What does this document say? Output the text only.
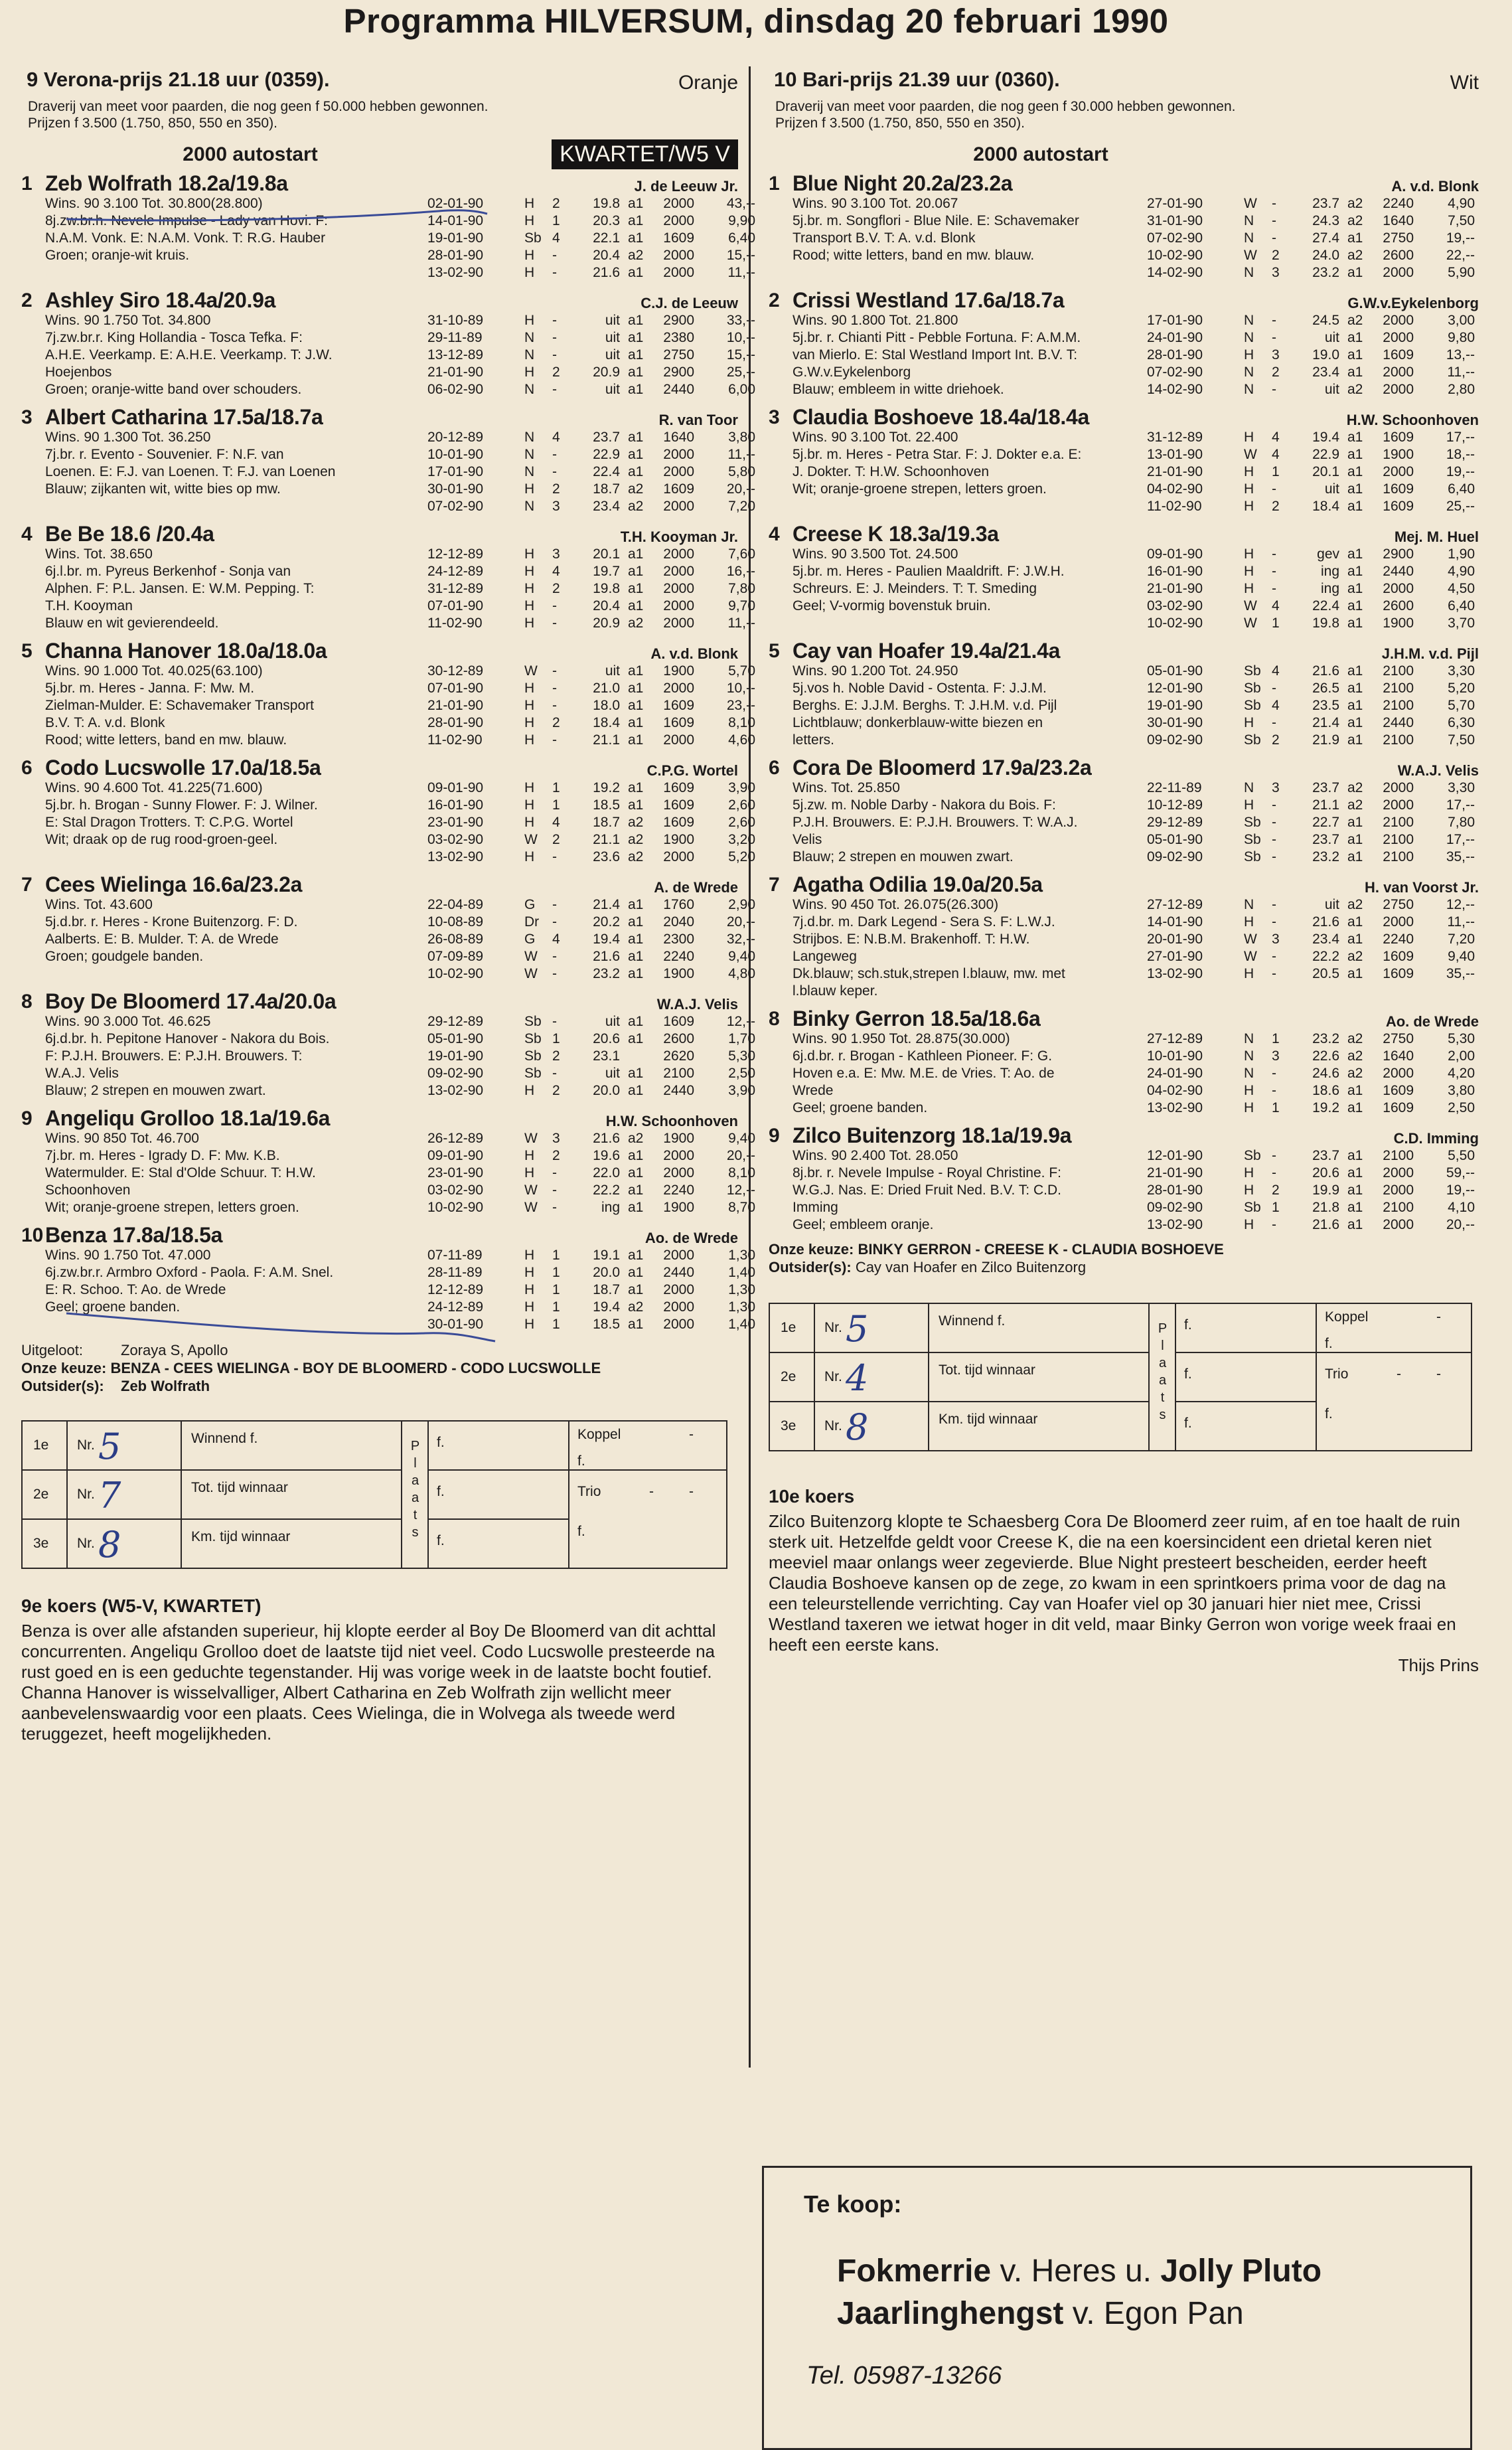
Programma HILVERSUM, dinsdag 20 februari 1990
9 Verona-prijs 21.18 uur (0359).	Oranje
Draverij van meet voor paarden, die nog geen f 50.000 hebben gewonnen.
Prijzen f 3.500 (1.750, 850, 550 en 350).
2000 autostart	KWARTET/W5 V
1 Zeb Wolfrath 18.2a/19.8a	J. de Leeuw Jr.
Wins. 90 3.100 Tot. 30.800(28.800)
8j.zw.br.h. Nevele Impulse - Lady van Hovi. F:
N.A.M. Vonk. E: N.A.M. Vonk. T: R.G. Hauber
Groen; oranje-wit kruis.
02-01-90	H 2	19.8 a1	2000	43,--
14-01-90	H 1	20.3 a1	2000	9,90
19-01-90	Sb 4	22.1 a1	1609	6,40
28-01-90	H -	20.4 a2	2000	15,--
13-02-90	H -	21.6 a1	2000	11,--
2 Ashley Siro 18.4a/20.9a	C.J. de Leeuw
Wins. 90 1.750 Tot. 34.800
7j.zw.br.r. King Hollandia - Tosca Tefka. F:
A.H.E. Veerkamp. E: A.H.E. Veerkamp. T: J.W.
Hoejenbos
Groen; oranje-witte band over schouders.
31-10-89	H -	uit a1	2900	33,--
29-11-89	N -	uit a1	2380	10,--
13-12-89	N -	uit a1	2750	15,--
21-01-90	H 2	20.9 a1	2900	25,--
06-02-90	N -	uit a1	2440	6,00
3 Albert Catharina 17.5a/18.7a	R. van Toor
Wins. 90 1.300 Tot. 36.250
7j.br. r. Evento - Souvenier. F: N.F. van
Loenen. E: F.J. van Loenen. T: F.J. van Loenen
Blauw; zijkanten wit, witte bies op mw.
20-12-89	N 4	23.7 a1	1640	3,80
10-01-90	N -	22.9 a1	2000	11,--
17-01-90	N -	22.4 a1	2000	5,80
30-01-90	H 2	18.7 a2	1609	20,--
07-02-90	N 3	23.4 a2	2000	7,20
4 Be Be 18.6 /20.4a	T.H. Kooyman Jr.
Wins. Tot. 38.650
6j.l.br. m. Pyreus Berkenhof - Sonja van
Alphen. F: P.L. Jansen. E: W.M. Pepping. T:
T.H. Kooyman
Blauw en wit gevierendeeld.
12-12-89	H 3	20.1 a1	2000	7,60
24-12-89	H 4	19.7 a1	2000	16,--
31-12-89	H 2	19.8 a1	2000	7,80
07-01-90	H -	20.4 a1	2000	9,70
11-02-90	H -	20.9 a2	2000	11,--
5 Channa Hanover 18.0a/18.0a	A. v.d. Blonk
Wins. 90 1.000 Tot. 40.025(63.100)
5j.br. m. Heres - Janna. F: Mw. M.
Zielman-Mulder. E: Schavemaker Transport
B.V. T: A. v.d. Blonk
Rood; witte letters, band en mw. blauw.
30-12-89	W -	uit a1	1900	5,70
07-01-90	H -	21.0 a1	2000	10,--
21-01-90	H -	18.0 a1	1609	23,--
28-01-90	H 2	18.4 a1	1609	8,10
11-02-90	H -	21.1 a1	2000	4,60
6 Codo Lucswolle 17.0a/18.5a	C.P.G. Wortel
Wins. 90 4.600 Tot. 41.225(71.600)
5j.br. h. Brogan - Sunny Flower. F: J. Wilner.
E: Stal Dragon Trotters. T: C.P.G. Wortel
Wit; draak op de rug rood-groen-geel.
09-01-90	H 1	19.2 a1	1609	3,90
16-01-90	H 1	18.5 a1	1609	2,60
23-01-90	H 4	18.7 a2	1609	2,60
03-02-90	W 2	21.1 a2	1900	3,20
13-02-90	H -	23.6 a2	2000	5,20
7 Cees Wielinga 16.6a/23.2a	A. de Wrede
Wins. Tot. 43.600
5j.d.br. r. Heres - Krone Buitenzorg. F: D.
Aalberts. E: B. Mulder. T: A. de Wrede
Groen; goudgele banden.
22-04-89	G -	21.4 a1	1760	2,90
10-08-89	Dr -	20.2 a1	2040	20,--
26-08-89	G 4	19.4 a1	2300	32,--
07-09-89	W -	21.6 a1	2240	9,40
10-02-90	W -	23.2 a1	1900	4,80
8 Boy De Bloomerd 17.4a/20.0a	W.A.J. Velis
Wins. 90 3.000 Tot. 46.625
6j.d.br. h. Pepitone Hanover - Nakora du Bois.
F: P.J.H. Brouwers. E: P.J.H. Brouwers. T:
W.A.J. Velis
Blauw; 2 strepen en mouwen zwart.
29-12-89	Sb -	uit a1	1609	12,--
05-01-90	Sb 1	20.6 a1	2600	1,70
19-01-90	Sb 2	23.1	2620	5,30
09-02-90	Sb -	uit a1	2100	2,50
13-02-90	H 2	20.0 a1	2440	3,90
9 Angeliqu Grolloo 18.1a/19.6a	H.W. Schoonhoven
Wins. 90 850 Tot. 46.700
7j.br. m. Heres - Igrady D. F: Mw. K.B.
Watermulder. E: Stal d'Olde Schuur. T: H.W.
Schoonhoven
Wit; oranje-groene strepen, letters groen.
26-12-89	W 3	21.6 a2	1900	9,40
09-01-90	H 2	19.6 a1	2000	20,--
23-01-90	H -	22.0 a1	2000	8,10
03-02-90	W -	22.2 a1	2240	12,--
10-02-90	W -	ing a1	1900	8,70
10 Benza 17.8a/18.5a	Ao. de Wrede
Wins. 90 1.750 Tot. 47.000
6j.zw.br.r. Armbro Oxford - Paola. F: A.M. Snel.
E: R. Schoo. T: Ao. de Wrede
Geel; groene banden.
07-11-89	H 1	19.1 a1	2000	1,30
28-11-89	H 1	20.0 a1	2440	1,40
12-12-89	H 1	18.7 a1	2000	1,30
24-12-89	H 1	19.4 a2	2000	1,30
30-01-90	H 1	18.5 a1	2000	1,40
Uitgeloot:	Zoraya S, Apollo
Onze keuze: BENZA - CEES WIELINGA - BOY DE BLOOMERD - CODO LUCSWOLLE
Outsider(s): Zeb Wolfrath
1e	Nr. 5	Winnend f.	Plaats	f.	Koppel -
f.

2e	Nr. 7	Tot. tijd winnaar		f.	Trio - -
f.

3e	Nr. 8	Km. tijd winnaar		f.	
9e koers (W5-V, KWARTET)
Benza is over alle afstanden superieur, hij klopte eerder al Boy De Bloomerd van dit achttal concurrenten. Angeliqu Grolloo doet de laatste tijd niet veel. Codo Lucswolle presteerde na rust goed en is een geduchte tegenstander. Hij was vorige week in de laatste bocht foutief. Channa Hanover is wisselvalliger, Albert Catharina en Zeb Wolfrath zijn wellicht meer aanbevelenswaardig voor een plaats. Cees Wielinga, die in Wolvega als tweede werd teruggezet, heeft mogelijkheden.
10 Bari-prijs 21.39 uur (0360).	Wit
Draverij van meet voor paarden, die nog geen f 30.000 hebben gewonnen.
Prijzen f 3.500 (1.750, 850, 550 en 350).
2000 autostart
1 Blue Night 20.2a/23.2a	A. v.d. Blonk
Wins. 90 3.100 Tot. 20.067
5j.br. m. Songflori - Blue Nile. E: Schavemaker
Transport B.V. T: A. v.d. Blonk
Rood; witte letters, band en mw. blauw.
27-01-90	W -	23.7 a2	2240	4,90
31-01-90	N -	24.3 a2	1640	7,50
07-02-90	N -	27.4 a1	2750	19,--
10-02-90	W 2	24.0 a2	2600	22,--
14-02-90	N 3	23.2 a1	2000	5,90
2 Crissi Westland 17.6a/18.7a	G.W.v.Eykelenborg
Wins. 90 1.800 Tot. 21.800
5j.br. r. Chianti Pitt - Pebble Fortuna. F: A.M.M.
van Mierlo. E: Stal Westland Import Int. B.V. T:
G.W.v.Eykelenborg
Blauw; embleem in witte driehoek.
17-01-90	N -	24.5 a2	2000	3,00
24-01-90	N -	uit a1	2000	9,80
28-01-90	H 3	19.0 a1	1609	13,--
07-02-90	N 2	23.4 a1	2000	11,--
14-02-90	N -	uit a2	2000	2,80
3 Claudia Boshoeve 18.4a/18.4a	H.W. Schoonhoven
Wins. 90 3.100 Tot. 22.400
5j.br. m. Heres - Petra Star. F: J. Dokter e.a. E:
J. Dokter. T: H.W. Schoonhoven
Wit; oranje-groene strepen, letters groen.
31-12-89	H 4	19.4 a1	1609	17,--
13-01-90	W 4	22.9 a1	1900	18,--
21-01-90	H 1	20.1 a1	2000	19,--
04-02-90	H -	uit a1	1609	6,40
11-02-90	H 2	18.4 a1	1609	25,--
4 Creese K 18.3a/19.3a	Mej. M. Huel
Wins. 90 3.500 Tot. 24.500
5j.br. m. Heres - Paulien Maaldrift. F: J.W.H.
Schreurs. E: J. Meinders. T: T. Smeding
Geel; V-vormig bovenstuk bruin.
09-01-90	H -	gev a1	2900	1,90
16-01-90	H -	ing a1	2440	4,90
21-01-90	H -	ing a1	2000	4,50
03-02-90	W 4	22.4 a1	2600	6,40
10-02-90	W 1	19.8 a1	1900	3,70
5 Cay van Hoafer 19.4a/21.4a	J.H.M. v.d. Pijl
Wins. 90 1.200 Tot. 24.950
5j.vos h. Noble David - Ostenta. F: J.J.M.
Berghs. E: J.J.M. Berghs. T: J.H.M. v.d. Pijl
Lichtblauw; donkerblauw-witte biezen en
letters.
05-01-90	Sb 4	21.6 a1	2100	3,30
12-01-90	Sb -	26.5 a1	2100	5,20
19-01-90	Sb 4	23.5 a1	2100	5,70
30-01-90	H -	21.4 a1	2440	6,30
09-02-90	Sb 2	21.9 a1	2100	7,50
6 Cora De Bloomerd 17.9a/23.2a	W.A.J. Velis
Wins. Tot. 25.850
5j.zw. m. Noble Darby - Nakora du Bois. F:
P.J.H. Brouwers. E: P.J.H. Brouwers. T: W.A.J.
Velis
Blauw; 2 strepen en mouwen zwart.
22-11-89	N 3	23.7 a2	2000	3,30
10-12-89	H -	21.1 a2	2000	17,--
29-12-89	Sb -	22.7 a1	2100	7,80
05-01-90	Sb -	23.7 a1	2100	17,--
09-02-90	Sb -	23.2 a1	2100	35,--
7 Agatha Odilia 19.0a/20.5a	H. van Voorst Jr.
Wins. 90 450 Tot. 26.075(26.300)
7j.d.br. m. Dark Legend - Sera S. F: L.W.J.
Strijbos. E: N.B.M. Brakenhoff. T: H.W.
Langeweg
Dk.blauw; sch.stuk,strepen l.blauw, mw. met
l.blauw keper.
27-12-89	N -	uit a2	2750	12,--
14-01-90	H -	21.6 a1	2000	11,--
20-01-90	W 3	23.4 a1	2240	7,20
27-01-90	W -	22.2 a2	1609	9,40
13-02-90	H -	20.5 a1	1609	35,--
8 Binky Gerron 18.5a/18.6a	Ao. de Wrede
Wins. 90 1.950 Tot. 28.875(30.000)
6j.d.br. r. Brogan - Kathleen Pioneer. F: G.
Hoven e.a. E: Mw. M.E. de Vries. T: Ao. de
Wrede
Geel; groene banden.
27-12-89	N 1	23.2 a2	2750	5,30
10-01-90	N 3	22.6 a2	1640	2,00
24-01-90	N -	24.6 a2	2000	4,20
04-02-90	H -	18.6 a1	1609	3,80
13-02-90	H 1	19.2 a1	1609	2,50
9 Zilco Buitenzorg 18.1a/19.9a	C.D. Imming
Wins. 90 2.400 Tot. 28.050
8j.br. r. Nevele Impulse - Royal Christine. F:
W.G.J. Nas. E: Dried Fruit Ned. B.V. T: C.D.
Imming
Geel; embleem oranje.
12-01-90	Sb -	23.7 a1	2100	5,50
21-01-90	H -	20.6 a1	2000	59,--
28-01-90	H 2	19.9 a1	2000	19,--
09-02-90	Sb 1	21.8 a1	2100	4,10
13-02-90	H -	21.6 a1	2000	20,--
Onze keuze: BINKY GERRON - CREESE K - CLAUDIA BOSHOEVE
Outsider(s): Cay van Hoafer en Zilco Buitenzorg
1e	Nr. 5	Winnend f.	Plaats	f.	Koppel -
f.

2e	Nr. 4	Tot. tijd winnaar		f.	Trio - -
f.

3e	Nr. 8	Km. tijd winnaar		f.	
10e koers
Zilco Buitenzorg klopte te Schaesberg Cora De Bloomerd zeer ruim, af en toe haalt de ruin sterk uit. Hetzelfde geldt voor Creese K, die na een koersincident een drietal keren niet meeviel maar onlangs weer zegevierde. Blue Night presteert bescheiden, eerder heeft Claudia Boshoeve kansen op de zege, zo kwam in een sprintkoers prima voor de dag na een teleurstellende verrichting. Cay van Hoafer viel op 30 januari hier niet mee, Crissi Westland taxeren we ietwat hoger in dit veld, maar Binky Gerron won vorige week fraai en heeft een eerste kans.
Thijs Prins
Te koop:
Fokmerrie v. Heres u. Jolly Pluto
Jaarlinghengst v. Egon Pan
Tel. 05987-13266
